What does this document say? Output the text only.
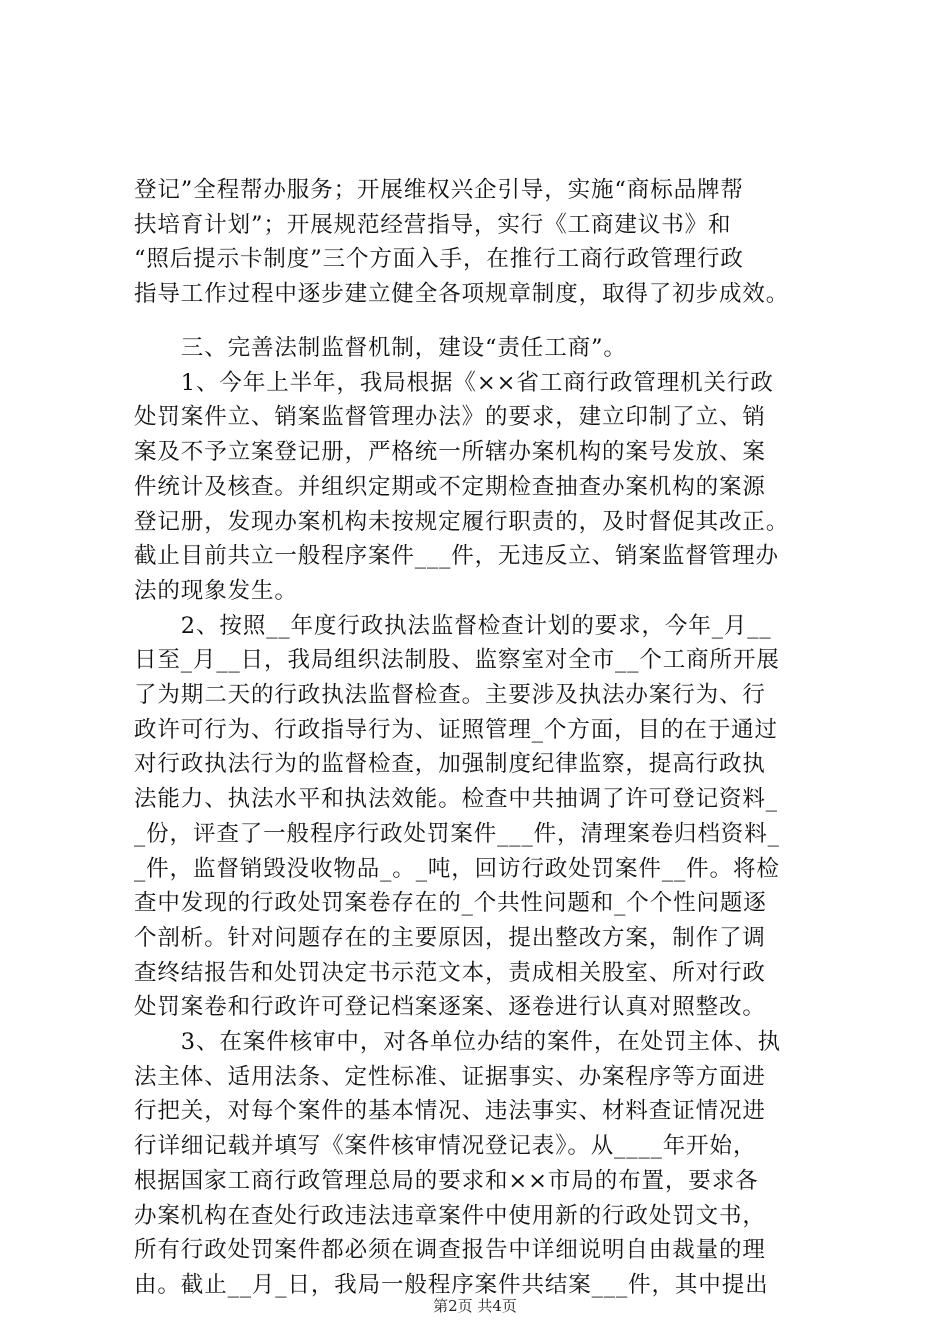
登记”全程帮办服务；开展维权兴企引导，实施“商标品牌帮
扶培育计划”；开展规范经营指导，实行《工商建议书》和
“照后提示卡制度”三个方面入手，在推行工商行政管理行政
指导工作过程中逐步建立健全各项规章制度，取得了初步成效。
　　三、完善法制监督机制，建设“责任工商”。
　　1、今年上半年，我局根据《××省工商行政管理机关行政
处罚案件立、销案监督管理办法》的要求，建立印制了立、销
案及不予立案登记册，严格统一所辖办案机构的案号发放、案
件统计及核查。并组织定期或不定期检查抽查办案机构的案源
登记册，发现办案机构未按规定履行职责的，及时督促其改正。
截止目前共立一般程序案件___件，无违反立、销案监督管理办
法的现象发生。
　　2、按照__年度行政执法监督检查计划的要求，今年_月__
日至_月__日，我局组织法制股、监察室对全市__个工商所开展
了为期二天的行政执法监督检查。主要涉及执法办案行为、行
政许可行为、行政指导行为、证照管理_个方面，目的在于通过
对行政执法行为的监督检查，加强制度纪律监察，提高行政执
法能力、执法水平和执法效能。检查中共抽调了许可登记资料_
_份，评查了一般程序行政处罚案件___件，清理案卷归档资料_
_件，监督销毁没收物品_。_吨，回访行政处罚案件__件。将检
查中发现的行政处罚案卷存在的_个共性问题和_个个性问题逐
个剖析。针对问题存在的主要原因，提出整改方案，制作了调
查终结报告和处罚决定书示范文本，责成相关股室、所对行政
处罚案卷和行政许可登记档案逐案、逐卷进行认真对照整改。
　　3、在案件核审中，对各单位办结的案件，在处罚主体、执
法主体、适用法条、定性标准、证据事实、办案程序等方面进
行把关，对每个案件的基本情况、违法事实、材料查证情况进
行详细记载并填写《案件核审情况登记表》。从____年开始，
根据国家工商行政管理总局的要求和××市局的布置，要求各
办案机构在查处行政违法违章案件中使用新的行政处罚文书，
所有行政处罚案件都必须在调查报告中详细说明自由裁量的理
由。截止__月_日，我局一般程序案件共结案___件，其中提出
第2页 共4页
